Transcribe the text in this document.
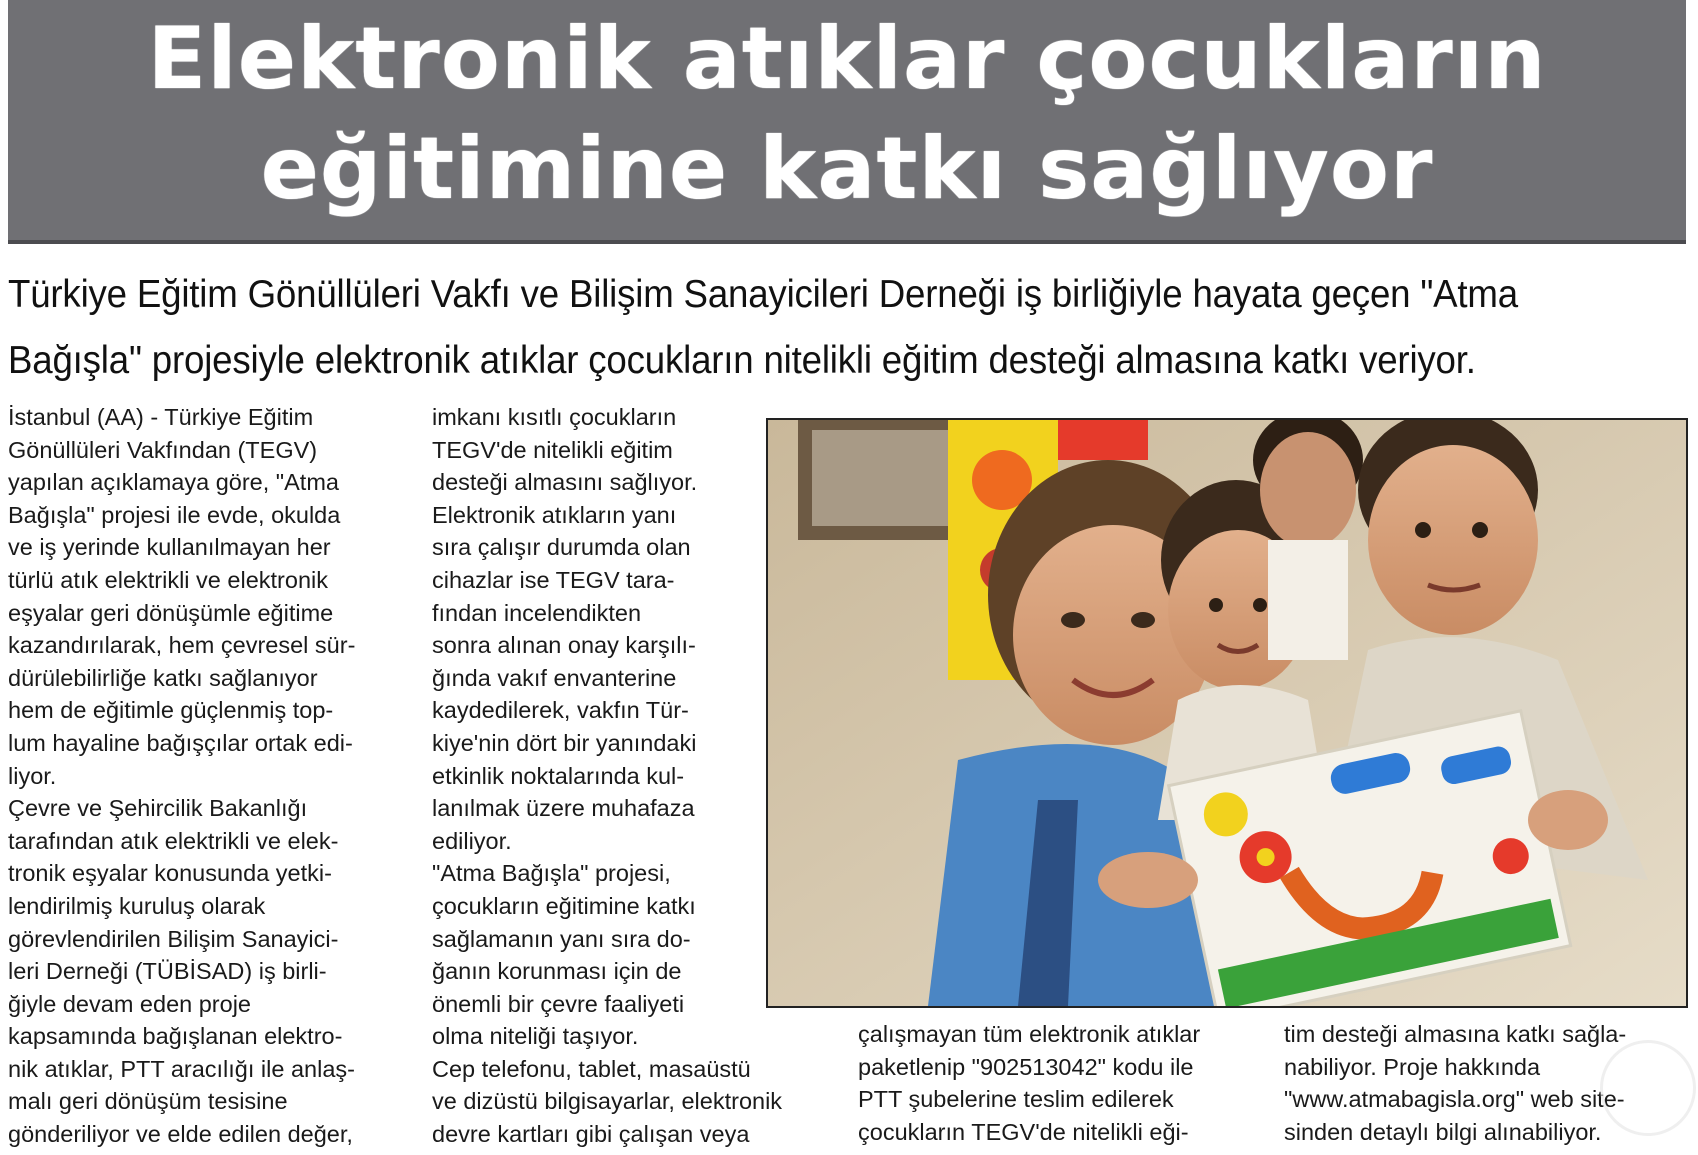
Elektronik atıklar çocukların
eğitimine katkı sağlıyor
Türkiye Eğitim Gönüllüleri Vakfı ve Bilişim Sanayicileri Derneği iş birliğiyle hayata geçen "Atma
Bağışla" projesiyle elektronik atıklar çocukların nitelikli eğitim desteği almasına katkı veriyor.
İstanbul (AA) - Türkiye Eğitim
Gönüllüleri Vakfından (TEGV)
yapılan açıklamaya göre, "Atma
Bağışla" projesi ile evde, okulda
ve iş yerinde kullanılmayan her
türlü atık elektrikli ve elektronik
eşyalar geri dönüşümle eğitime
kazandırılarak, hem çevresel sür-
dürülebilirliğe katkı sağlanıyor
hem de eğitimle güçlenmiş top-
lum hayaline bağışçılar ortak edi-
liyor.
Çevre ve Şehircilik Bakanlığı
tarafından atık elektrikli ve elek-
tronik eşyalar konusunda yetki-
lendirilmiş kuruluş olarak
görevlendirilen Bilişim Sanayici-
leri Derneği (TÜBİSAD) iş birli-
ğiyle devam eden proje
kapsamında bağışlanan elektro-
nik atıklar, PTT aracılığı ile anlaş-
malı geri dönüşüm tesisine
gönderiliyor ve elde edilen değer,
imkanı kısıtlı çocukların
TEGV'de nitelikli eğitim
desteği almasını sağlıyor.
Elektronik atıkların yanı
sıra çalışır durumda olan
cihazlar ise TEGV tara-
fından incelendikten
sonra alınan onay karşılı-
ğında vakıf envanterine
kaydedilerek, vakfın Tür-
kiye'nin dört bir yanındaki
etkinlik noktalarında kul-
lanılmak üzere muhafaza
ediliyor.
"Atma Bağışla" projesi,
çocukların eğitimine katkı
sağlamanın yanı sıra do-
ğanın korunması için de
önemli bir çevre faaliyeti
olma niteliği taşıyor.
Cep telefonu, tablet, masaüstü
ve dizüstü bilgisayarlar, elektronik
devre kartları gibi çalışan veya
çalışmayan tüm elektronik atıklar
paketlenip "902513042" kodu ile
PTT şubelerine teslim edilerek
çocukların TEGV'de nitelikli eği-
tim desteği almasına katkı sağla-
nabiliyor. Proje hakkında
"www.atmabagisla.org" web site-
sinden detaylı bilgi alınabiliyor.
